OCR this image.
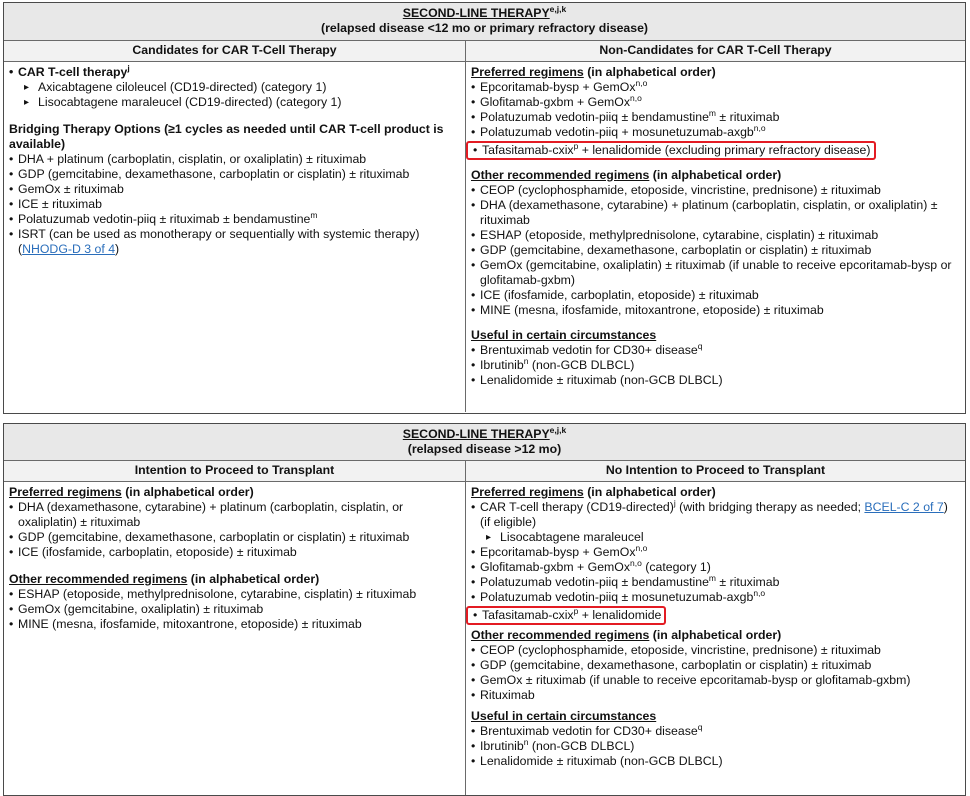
SECOND-LINE THERAPY$^{e,j,k}$
(relapsed disease <12 mo or primary refractory disease)
Candidates for CAR T-Cell Therapy	Non-Candidates for CAR T-Cell Therapy
• CAR T-cell therapy$^j$
▸ Axicabtagene ciloleucel (CD19-directed) (category 1)
▸ Lisocabtagene maraleucel (CD19-directed) (category 1)
Bridging Therapy Options (≥1 cycles as needed until CAR T-cell product is available)
• DHA + platinum (carboplatin, cisplatin, or oxaliplatin) ± rituximab
• GDP (gemcitabine, dexamethasone, carboplatin or cisplatin) ± rituximab
• GemOx ± rituximab
• ICE ± rituximab
• Polatuzumab vedotin-piiq ± rituximab ± bendamustine$^m$
• ISRT (can be used as monotherapy or sequentially with systemic therapy) (NHODG-D 3 of 4)
Preferred regimens (in alphabetical order)
• Epcoritamab-bysp + GemOx$^{n,o}$
• Glofitamab-gxbm + GemOx$^{n,o}$
• Polatuzumab vedotin-piiq ± bendamustine$^m$ ± rituximab
• Polatuzumab vedotin-piiq + mosunetuzumab-axgb$^{n,o}$
• Tafasitamab-cxix$^p$ + lenalidomide (excluding primary refractory disease)
Other recommended regimens (in alphabetical order)
• CEOP (cyclophosphamide, etoposide, vincristine, prednisone) ± rituximab
• DHA (dexamethasone, cytarabine) + platinum (carboplatin, cisplatin, or oxaliplatin) ± rituximab
• ESHAP (etoposide, methylprednisolone, cytarabine, cisplatin) ± rituximab
• GDP (gemcitabine, dexamethasone, carboplatin or cisplatin) ± rituximab
• GemOx (gemcitabine, oxaliplatin) ± rituximab (if unable to receive epcoritamab-bysp or glofitamab-gxbm)
• ICE (ifosfamide, carboplatin, etoposide) ± rituximab
• MINE (mesna, ifosfamide, mitoxantrone, etoposide) ± rituximab
Useful in certain circumstances
• Brentuximab vedotin for CD30+ disease$^q$
• Ibrutinib$^n$ (non-GCB DLBCL)
• Lenalidomide ± rituximab (non-GCB DLBCL)
SECOND-LINE THERAPY$^{e,j,k}$
(relapsed disease >12 mo)
Intention to Proceed to Transplant	No Intention to Proceed to Transplant
Preferred regimens (in alphabetical order)
• DHA (dexamethasone, cytarabine) + platinum (carboplatin, cisplatin, or oxaliplatin) ± rituximab
• GDP (gemcitabine, dexamethasone, carboplatin or cisplatin) ± rituximab
• ICE (ifosfamide, carboplatin, etoposide) ± rituximab
Other recommended regimens (in alphabetical order)
• ESHAP (etoposide, methylprednisolone, cytarabine, cisplatin) ± rituximab
• GemOx (gemcitabine, oxaliplatin) ± rituximab
• MINE (mesna, ifosfamide, mitoxantrone, etoposide) ± rituximab
Preferred regimens (in alphabetical order)
• CAR T-cell therapy (CD19-directed)$^j$ (with bridging therapy as needed; BCEL-C 2 of 7) (if eligible)
▸ Lisocabtagene maraleucel
• Epcoritamab-bysp + GemOx$^{n,o}$
• Glofitamab-gxbm + GemOx$^{n,o}$ (category 1)
• Polatuzumab vedotin-piiq ± bendamustine$^m$ ± rituximab
• Polatuzumab vedotin-piiq ± mosunetuzumab-axgb$^{n,o}$
• Tafasitamab-cxix$^p$ + lenalidomide
Other recommended regimens (in alphabetical order)
• CEOP (cyclophosphamide, etoposide, vincristine, prednisone) ± rituximab
• GDP (gemcitabine, dexamethasone, carboplatin or cisplatin) ± rituximab
• GemOx ± rituximab (if unable to receive epcoritamab-bysp or glofitamab-gxbm)
• Rituximab
Useful in certain circumstances
• Brentuximab vedotin for CD30+ disease$^q$
• Ibrutinib$^n$ (non-GCB DLBCL)
• Lenalidomide ± rituximab (non-GCB DLBCL)
